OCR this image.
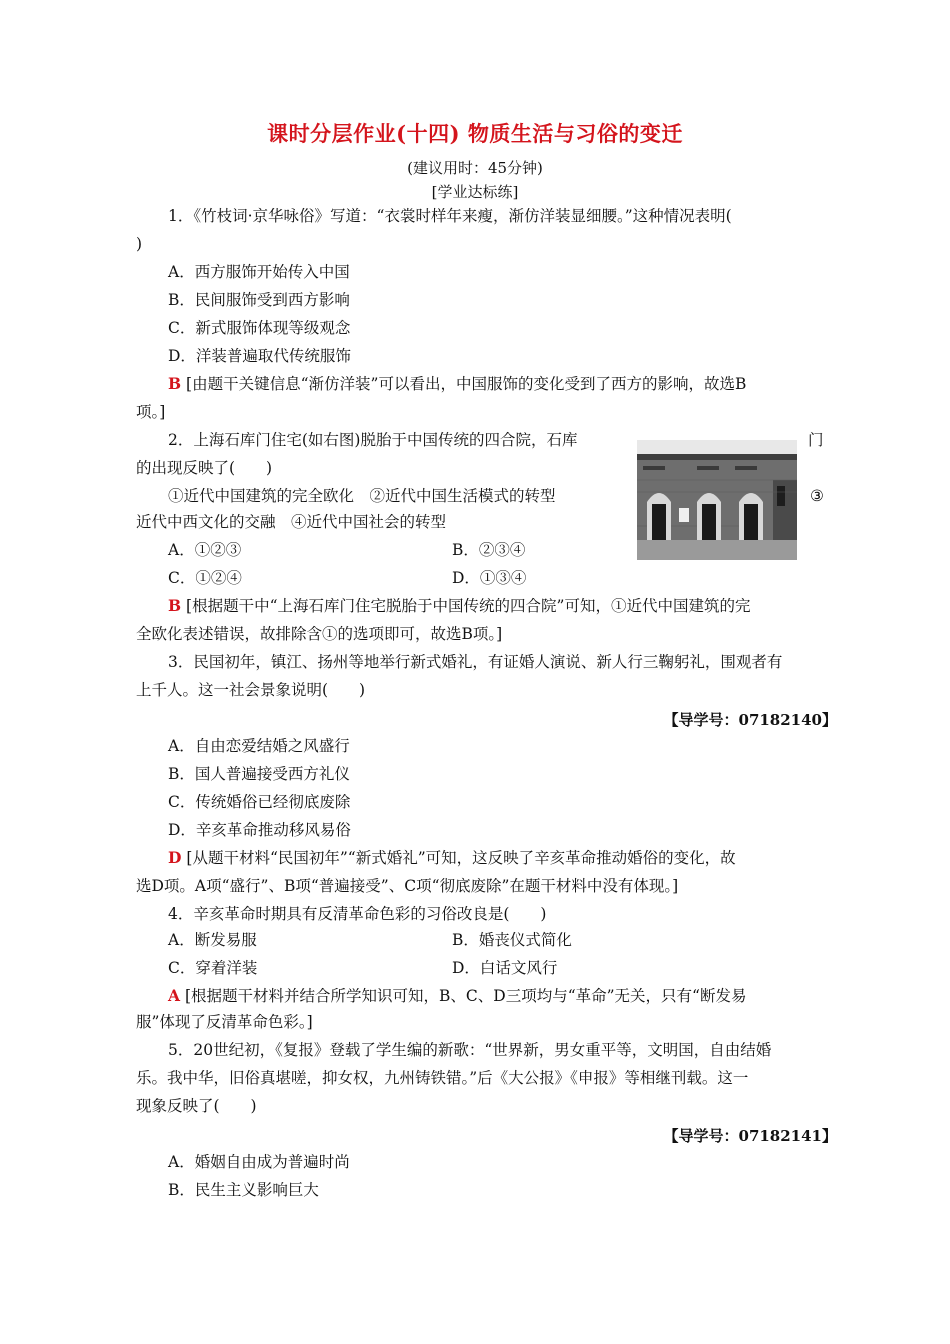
课时分层作业(十四) 物质生活与习俗的变迁
(建议用时：45分钟)
[学业达标练]
1．《竹枝词·京华咏俗》写道：“衣裳时样年来瘦，渐仿洋装显细腰。”这种情况表明(
)
A．西方服饰开始传入中国
B．民间服饰受到西方影响
C．新式服饰体现等级观念
D．洋装普遍取代传统服饰
B [由题干关键信息“渐仿洋装”可以看出，中国服饰的变化受到了西方的影响，故选B
项。]
2．上海石库门住宅(如右图)脱胎于中国传统的四合院，石库	门
的出现反映了(　　)
①近代中国建筑的完全欧化　②近代中国生活模式的转型	③
近代中西文化的交融　④近代中国社会的转型
A．①②③	B．②③④
C．①②④	D．①③④
B [根据题干中“上海石库门住宅脱胎于中国传统的四合院”可知，①近代中国建筑的完
全欧化表述错误，故排除含①的选项即可，故选B项。]
3．民国初年，镇江、扬州等地举行新式婚礼，有证婚人演说、新人行三鞠躬礼，围观者有
上千人。这一社会景象说明(　　)
【导学号：07182140】
A．自由恋爱结婚之风盛行
B．国人普遍接受西方礼仪
C．传统婚俗已经彻底废除
D．辛亥革命推动移风易俗
D [从题干材料“民国初年”“新式婚礼”可知，这反映了辛亥革命推动婚俗的变化，故
选D项。A项“盛行”、B项“普遍接受”、C项“彻底废除”在题干材料中没有体现。]
4．辛亥革命时期具有反清革命色彩的习俗改良是(　　)
A．断发易服	B．婚丧仪式简化
C．穿着洋装	D．白话文风行
A [根据题干材料并结合所学知识可知，B、C、D三项均与“革命”无关，只有“断发易
服”体现了反清革命色彩。]
5．20世纪初，《复报》登载了学生编的新歌：“世界新，男女重平等，文明国，自由结婚
乐。我中华，旧俗真堪嗟，抑女权，九州铸铁错。”后《大公报》《申报》等相继刊载。这一
现象反映了(　　)
【导学号：07182141】
A．婚姻自由成为普遍时尚
B．民生主义影响巨大
